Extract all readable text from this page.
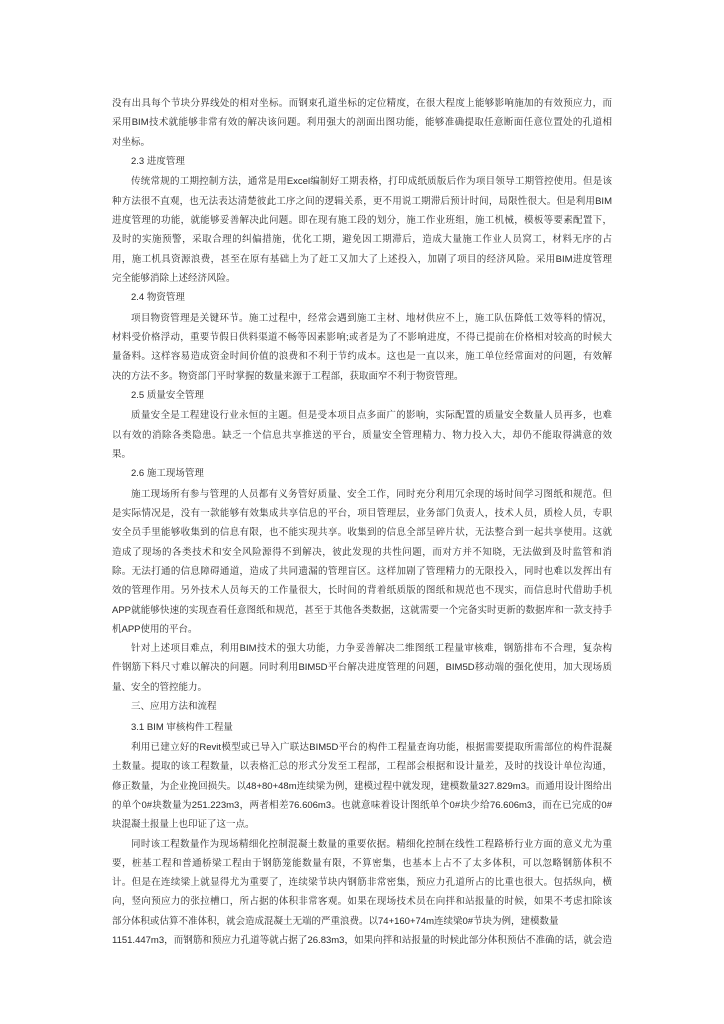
没有出具每个节块分界线处的相对坐标。而钢束孔道坐标的定位精度，在很大程度上能够影响施加的有效预应力，而
采用BIM技术就能够非常有效的解决该问题。利用强大的剖面出图功能，能够准确提取任意断面任意位置处的孔道相
对坐标。
2.3 进度管理
传统常规的工期控制方法，通常是用Excel编制好工期表格，打印成纸质版后作为项目领导工期管控使用。但是该
种方法很不直观，也无法表达清楚彼此工序之间的逻辑关系，更不用说工期滞后预计时间，局限性很大。但是利用BIM
进度管理的功能，就能够妥善解决此问题。即在现有施工段的划分，施工作业班组，施工机械，模板等要素配置下，
及时的实施预警，采取合理的纠偏措施，优化工期，避免因工期滞后，造成大量施工作业人员窝工，材料无序的占
用，施工机具资源浪费，甚至在原有基础上为了赶工又加大了上述投入，加剧了项目的经济风险。采用BIM进度管理
完全能够消除上述经济风险。
2.4 物资管理
项目物资管理是关键环节。施工过程中，经常会遇到施工主材、地材供应不上，施工队伍降低工效等料的情况，
材料受价格浮动，重要节假日供料渠道不畅等因素影响;或者是为了不影响进度，不得已提前在价格相对较高的时候大
量备料。这样容易造成资金时间价值的浪费和不利于节约成本。这也是一直以来，施工单位经常面对的问题，有效解
决的方法不多。物资部门平时掌握的数量来源于工程部，获取面窄不利于物资管理。
2.5 质量安全管理
质量安全是工程建设行业永恒的主题。但是受本项目点多面广的影响，实际配置的质量安全数量人员再多，也难
以有效的消除各类隐患。缺乏一个信息共享推送的平台，质量安全管理精力、物力投入大，却仍不能取得满意的效
果。
2.6 施工现场管理
施工现场所有参与管理的人员都有义务管好质量、安全工作，同时充分利用冗余现的场时间学习图纸和规范。但
是实际情况是，没有一款能够有效集成共享信息的平台，项目管理层，业务部门负责人，技术人员，质检人员，专职
安全员手里能够收集到的信息有限，也不能实现共享。收集到的信息全部呈碎片状，无法整合到一起共享使用。这就
造成了现场的各类技术和安全风险源得不到解决，彼此发现的共性问题，而对方并不知晓，无法做到及时监管和消
除。无法打通的信息障碍通道，造成了共同遗漏的管理盲区。这样加剧了管理精力的无限投入，同时也难以发挥出有
效的管理作用。另外技术人员每天的工作量很大，长时间的背着纸质版的图纸和规范也不现实，而信息时代借助手机
APP就能够快速的实现查看任意图纸和规范，甚至于其他各类数据，这就需要一个完备实时更新的数据库和一款支持手
机APP使用的平台。
针对上述项目难点，利用BIM技术的强大功能，力争妥善解决二维图纸工程量审核难，钢筋排布不合理，复杂构
件钢筋下料尺寸难以解决的问题。同时利用BIM5D平台解决进度管理的问题，BIM5D移动端的强化使用，加大现场质
量、安全的管控能力。
三、应用方法和流程
3.1 BIM 审核构件工程量
利用已建立好的Revit模型或已导入广联达BIM5D平台的构件工程量查询功能，根据需要提取所需部位的构件混凝
土数量。提取的该工程数量，以表格汇总的形式分发至工程部，工程部会根据和设计量差，及时的找设计单位沟通，
修正数量，为企业挽回损失。以48+80+48m连续梁为例，建模过程中就发现，建模数量327.829m3。而通用设计图给出
的单个0#块数量为251.223m3，两者相差76.606m3。也就意味着设计图纸单个0#块少给76.606m3，而在已完成的0#
块混凝土报量上也印证了这一点。
同时该工程数量作为现场精细化控制混凝土数量的重要依据。精细化控制在线性工程路桥行业方面的意义尤为重
要，桩基工程和普通桥梁工程由于钢筋笼能数量有限，不算密集，也基本上占不了太多体积，可以忽略钢筋体积不
计。但是在连续梁上就显得尤为重要了，连续梁节块内钢筋非常密集，预应力孔道所占的比重也很大。包括纵向，横
向，竖向预应力的张拉槽口，所占据的体积非常客观。如果在现场技术员在向拌和站报量的时候，如果不考虑扣除该
部分体积或估算不准体积，就会造成混凝土无端的严重浪费。以74+160+74m连续梁0#节块为例，建模数量
1151.447m3，而钢筋和预应力孔道等就占据了26.83m3，如果向拌和站报量的时候此部分体积预估不准确的话，就会造
